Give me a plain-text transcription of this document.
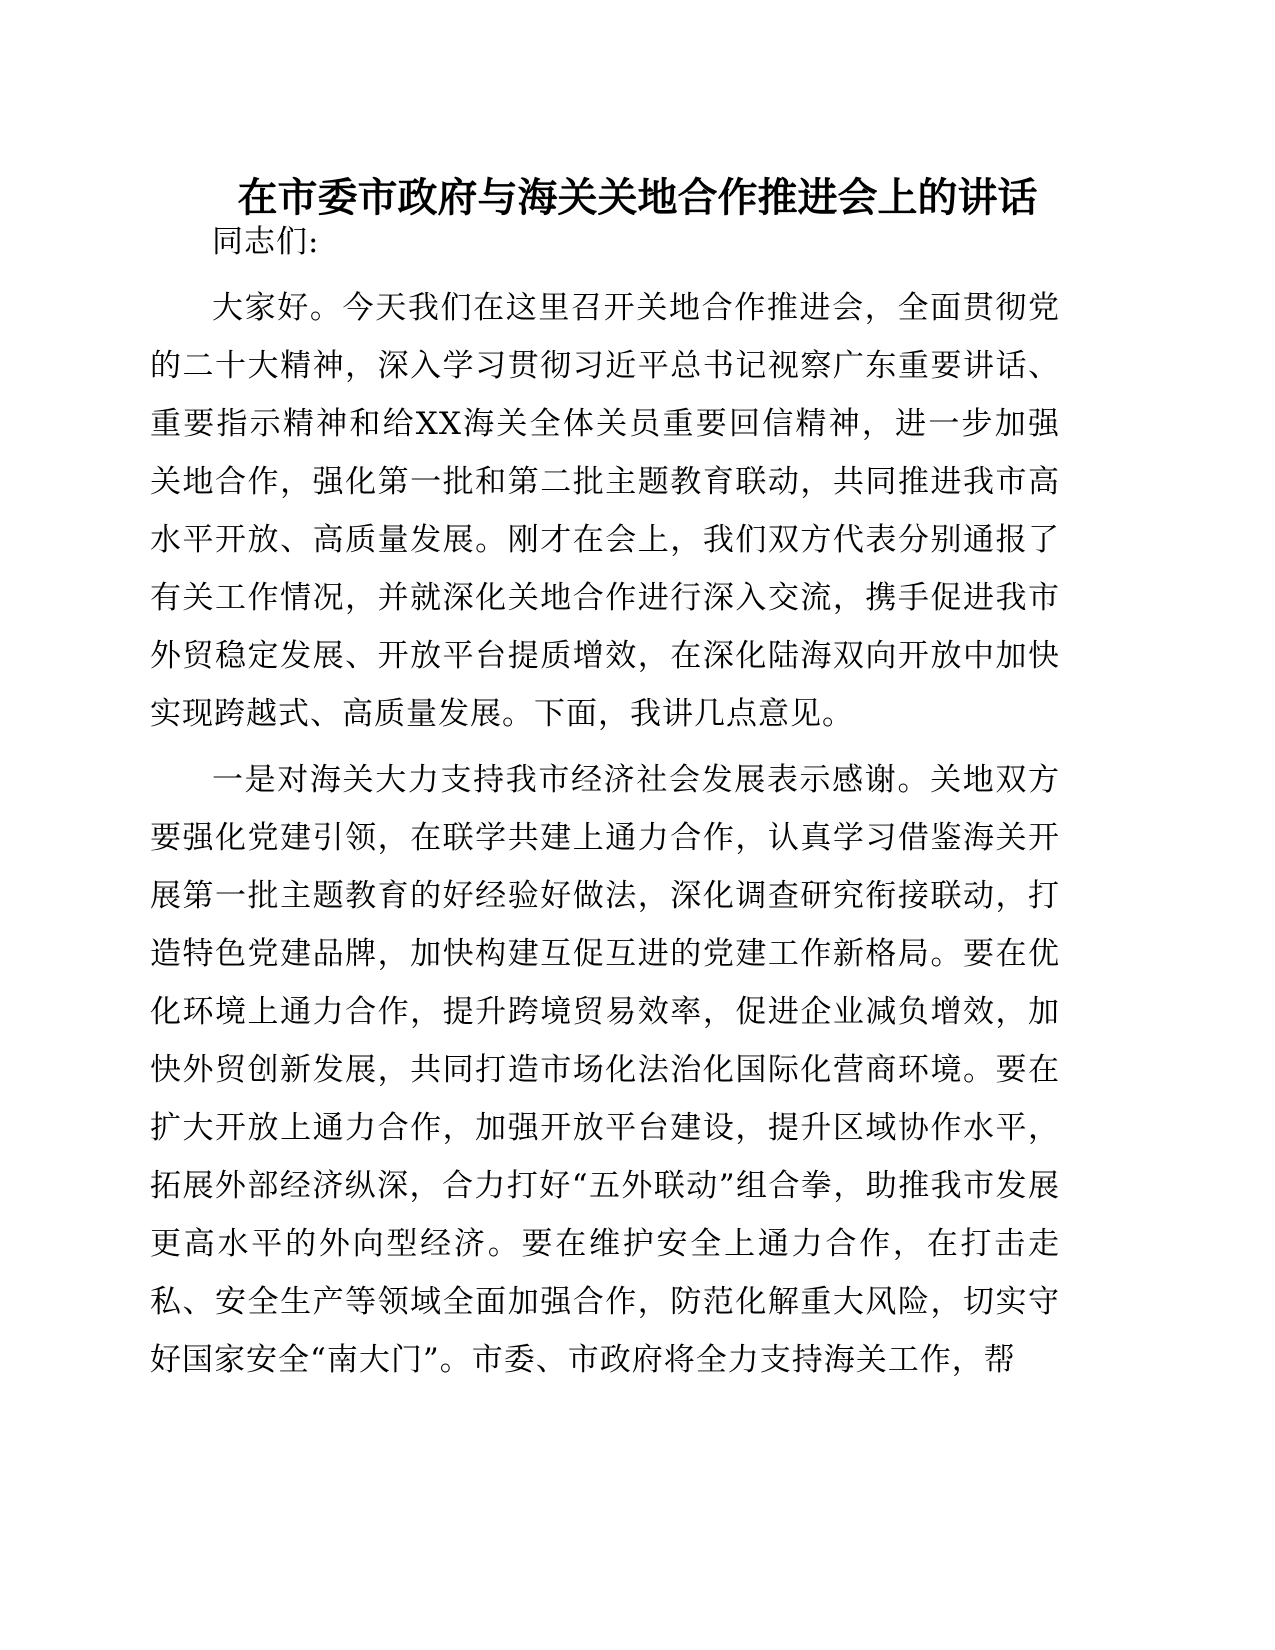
在市委市政府与海关关地合作推进会上的讲话

同志们:

大家好。今天我们在这里召开关地合作推进会，全面贯彻党的二十大精神，深入学习贯彻习近平总书记视察广东重要讲话、重要指示精神和给XX海关全体关员重要回信精神，进一步加强关地合作，强化第一批和第二批主题教育联动，共同推进我市高水平开放、高质量发展。刚才在会上，我们双方代表分别通报了有关工作情况，并就深化关地合作进行深入交流，携手促进我市外贸稳定发展、开放平台提质增效，在深化陆海双向开放中加快实现跨越式、高质量发展。下面，我讲几点意见。

一是对海关大力支持我市经济社会发展表示感谢。关地双方要强化党建引领，在联学共建上通力合作，认真学习借鉴海关开展第一批主题教育的好经验好做法，深化调查研究衔接联动，打造特色党建品牌，加快构建互促互进的党建工作新格局。要在优化环境上通力合作，提升跨境贸易效率，促进企业减负增效，加快外贸创新发展，共同打造市场化法治化国际化营商环境。要在扩大开放上通力合作，加强开放平台建设，提升区域协作水平，拓展外部经济纵深，合力打好“五外联动”组合拳，助推我市发展更高水平的外向型经济。要在维护安全上通力合作，在打击走私、安全生产等领域全面加强合作，防范化解重大风险，切实守好国家安全“南大门”。市委、市政府将全力支持海关工作，帮
